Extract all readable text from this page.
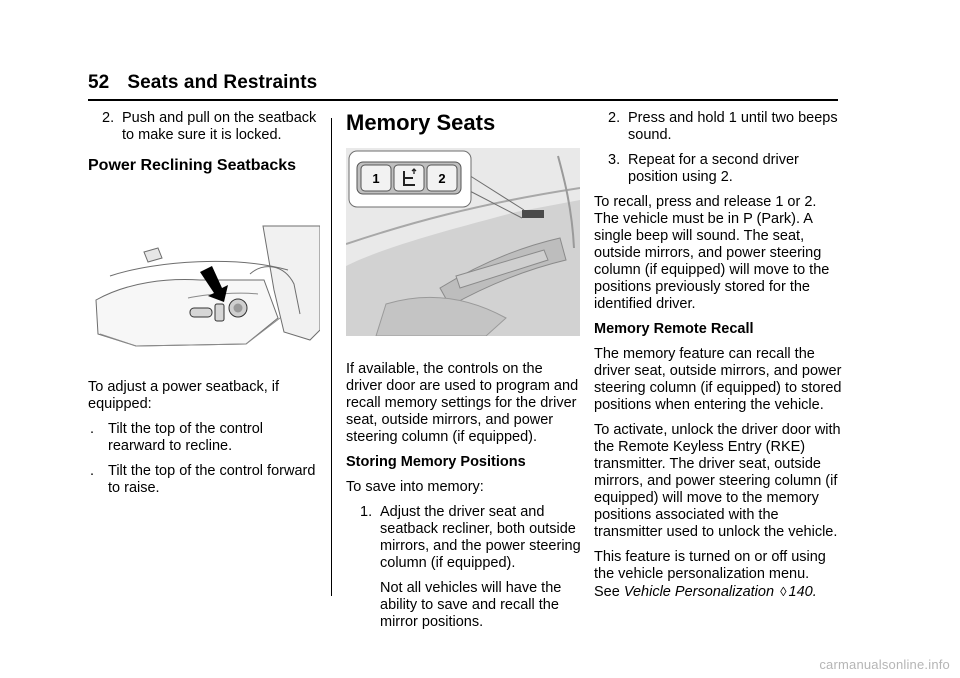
52 Seats and Restraints
2. Push and pull on the seatback to make sure it is locked.
Power Reclining Seatbacks

To adjust a power seatback, if equipped:

. Tilt the top of the control rearward to recline.
. Tilt the top of the control forward to raise.
Memory Seats
1	2

If available, the controls on the driver door are used to program and recall memory settings for the driver seat, outside mirrors, and power steering column (if equipped).

Storing Memory Positions

To save into memory:

1. Adjust the driver seat and seatback recliner, both outside mirrors, and the power steering column (if equipped).
Not all vehicles will have the ability to save and recall the mirror positions.
2. Press and hold 1 until two beeps sound.
3. Repeat for a second driver position using 2.

To recall, press and release 1 or 2. The vehicle must be in P (Park). A single beep will sound. The seat, outside mirrors, and power steering column (if equipped) will move to the positions previously stored for the identified driver.

Memory Remote Recall

The memory feature can recall the driver seat, outside mirrors, and power steering column (if equipped) to stored positions when entering the vehicle.

To activate, unlock the driver door with the Remote Keyless Entry (RKE) transmitter. The driver seat, outside mirrors, and power steering column (if equipped) will move to the memory positions associated with the transmitter used to unlock the vehicle.

This feature is turned on or off using the vehicle personalization menu.
See Vehicle Personalization ◊ 140.

carmanualsonline.info
